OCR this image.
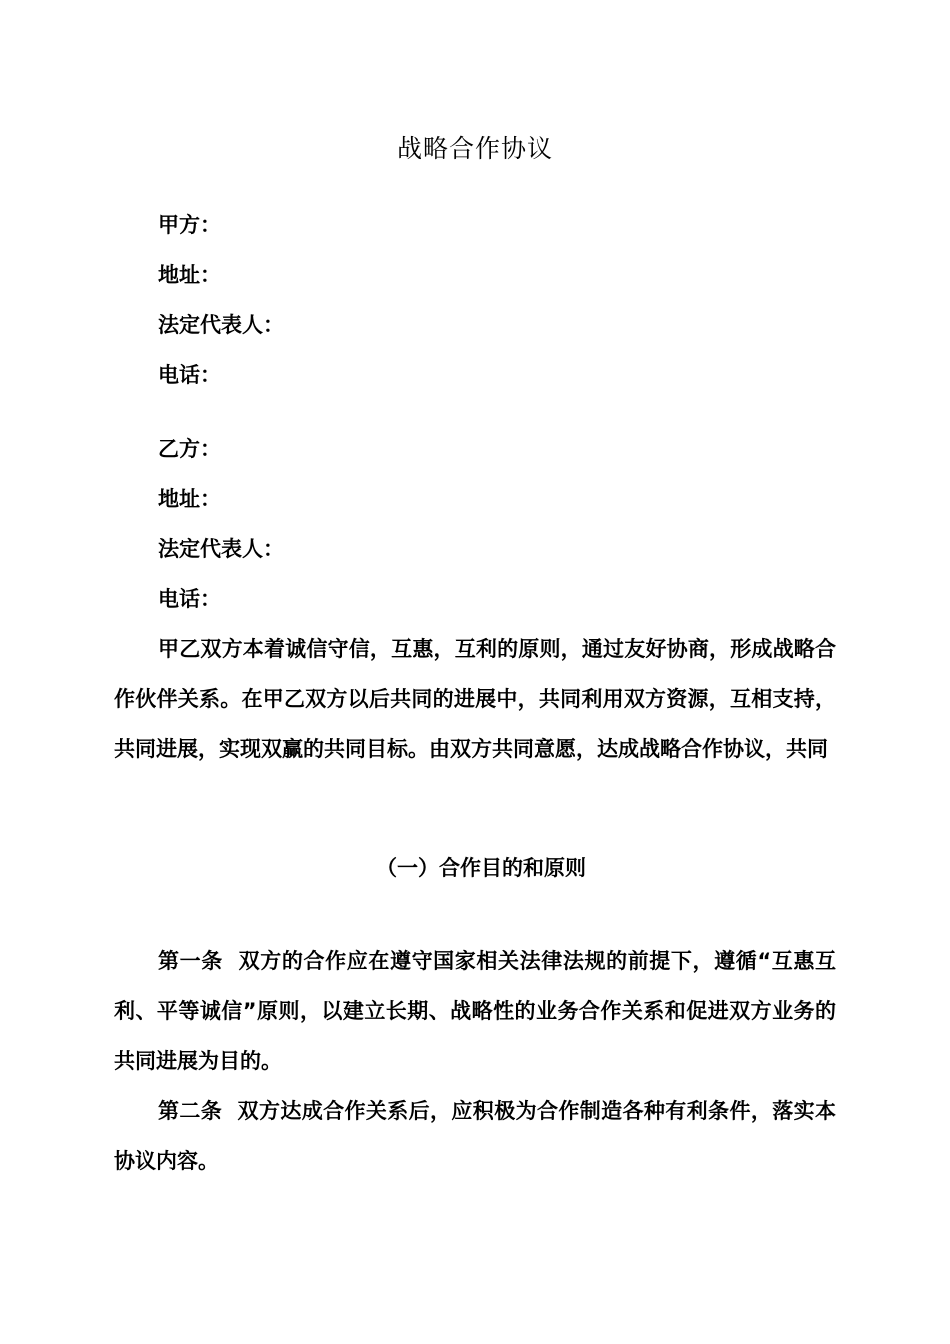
战略合作协议
甲方：
地址：
法定代表人：
电话：
乙方：
地址：
法定代表人：
电话：

甲乙双方本着诚信守信，互惠，互利的原则，通过友好协商，形成战略合作伙伴关系。在甲乙双方以后共同的进展中，共同利用双方资源，互相支持，共同进展，实现双赢的共同目标。由双方共同意愿，达成战略合作协议，共同

（一）合作目的和原则

第一条  双方的合作应在遵守国家相关法律法规的前提下，遵循“互惠互利、平等诚信”原则，以建立长期、战略性的业务合作关系和促进双方业务的共同进展为目的。

第二条  双方达成合作关系后，应积极为合作制造各种有利条件，落实本协议内容。
